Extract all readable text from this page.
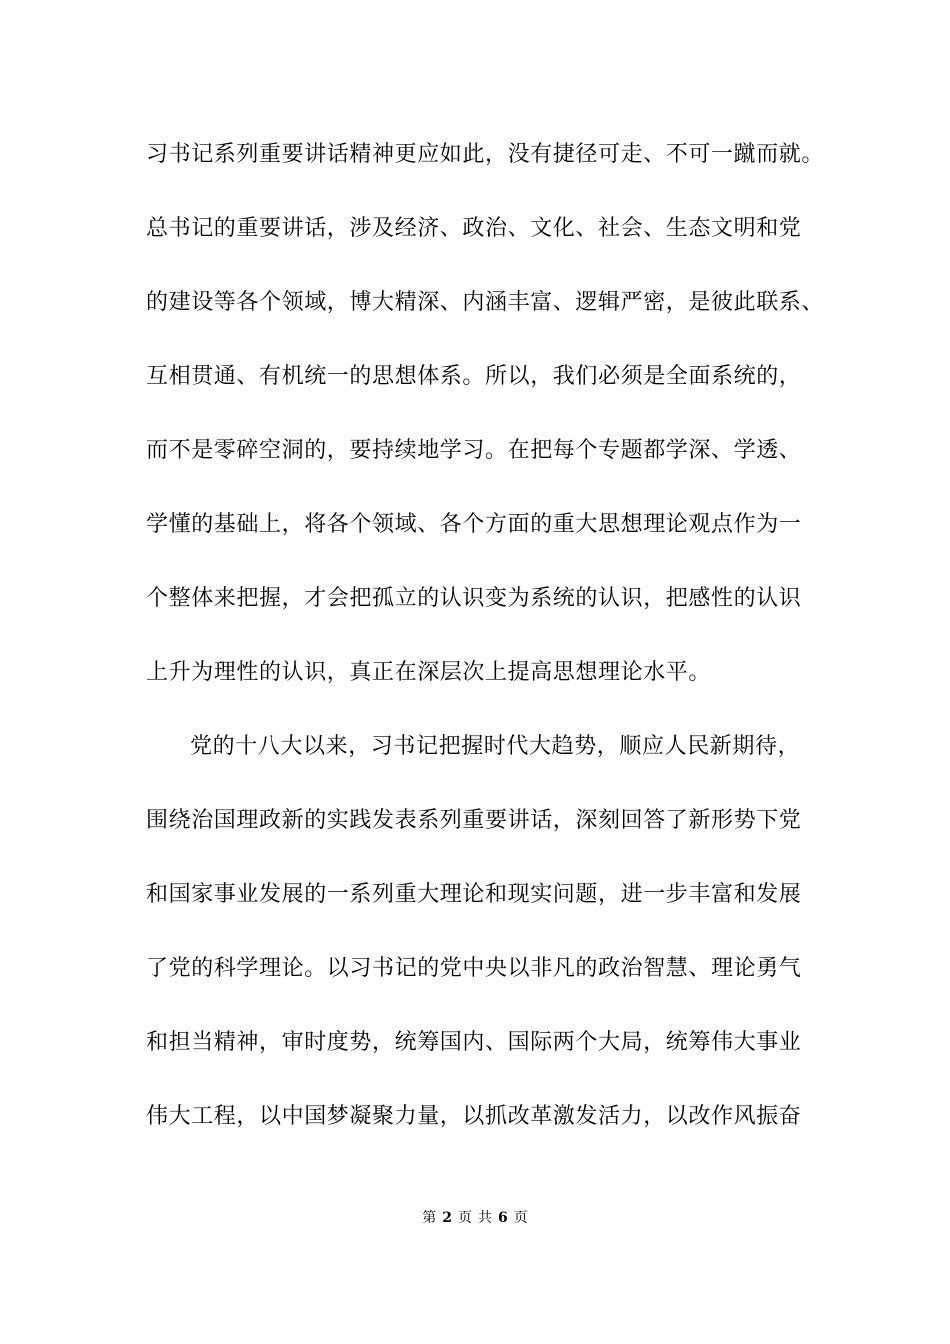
习书记系列重要讲话精神更应如此，没有捷径可走、不可一蹴而就。
总书记的重要讲话，涉及经济、政治、文化、社会、生态文明和党
的建设等各个领域，博大精深、内涵丰富、逻辑严密，是彼此联系、
互相贯通、有机统一的思想体系。所以，我们必须是全面系统的，
而不是零碎空洞的，要持续地学习。在把每个专题都学深、学透、
学懂的基础上，将各个领域、各个方面的重大思想理论观点作为一
个整体来把握，才会把孤立的认识变为系统的认识，把感性的认识
上升为理性的认识，真正在深层次上提高思想理论水平。
党的十八大以来，习书记把握时代大趋势，顺应人民新期待，
围绕治国理政新的实践发表系列重要讲话，深刻回答了新形势下党
和国家事业发展的一系列重大理论和现实问题，进一步丰富和发展
了党的科学理论。以习书记的党中央以非凡的政治智慧、理论勇气
和担当精神，审时度势，统筹国内、国际两个大局，统筹伟大事业
伟大工程，以中国梦凝聚力量，以抓改革激发活力，以改作风振奋
第 2 页 共 6 页
